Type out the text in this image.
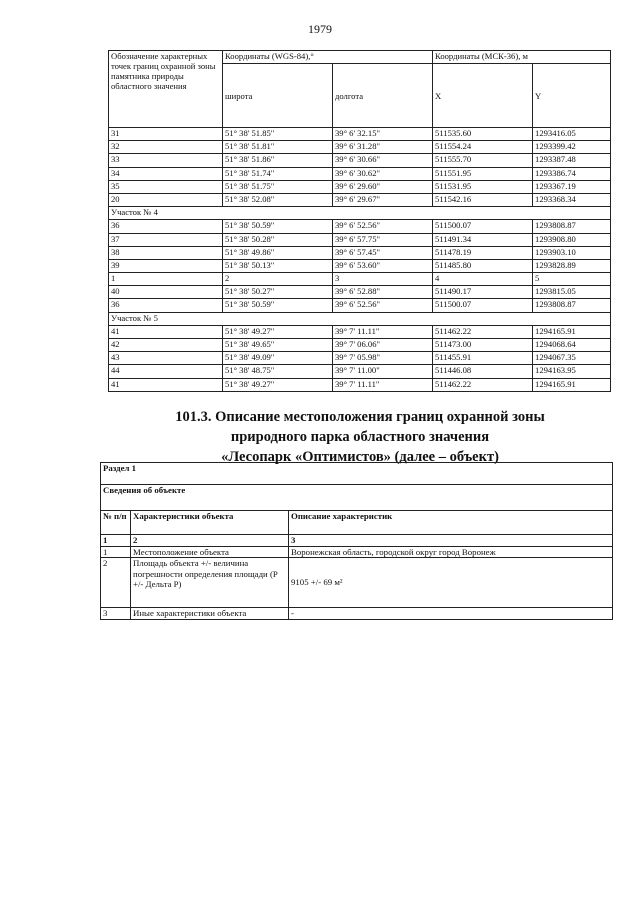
1979
Обозначение характерных точек границ охранной зоны памятника природы областного значения	Координаты (WGS-84),°		Координаты (МСК-36), м	
	широта	долгота	X	Y
31	51° 38' 51.85"	39° 6' 32.15"	511535.60	1293416.05
32	51° 38' 51.81"	39° 6' 31.28"	511554.24	1293399.42
33	51° 38' 51.86"	39° 6' 30.66"	511555.70	1293387.48
34	51° 38' 51.74"	39° 6' 30.62"	511551.95	1293386.74
35	51° 38' 51.75"	39° 6' 29.60"	511531.95	1293367.19
20	51° 38' 52.08"	39° 6' 29.67"	511542.16	1293368.34
Участок № 4				
36	51° 38' 50.59"	39° 6' 52.56"	511500.07	1293808.87
37	51° 38' 50.28"	39° 6' 57.75"	511491.34	1293908.80
38	51° 38' 49.86"	39° 6' 57.45"	511478.19	1293903.10
39	51° 38' 50.13"	39° 6' 53.60"	511485.80	1293828.89
1	2	3	4	5
40	51° 38' 50.27"	39° 6' 52.88"	511490.17	1293815.05
36	51° 38' 50.59"	39° 6' 52.56"	511500.07	1293808.87
Участок № 5				
41	51° 38' 49.27"	39° 7' 11.11"	511462.22	1294165.91
42	51° 38' 49.65"	39° 7' 06.06"	511473.00	1294068.64
43	51° 38' 49.09"	39° 7' 05.98"	511455.91	1294067.35
44	51° 38' 48.75"	39° 7' 11.00"	511446.08	1294163.95
41	51° 38' 49.27"	39° 7' 11.11"	511462.22	1294165.91
101.3. Описание местоположения границ охранной зоны
природного парка областного значения
«Лесопарк «Оптимистов» (далее – объект)
Раздел 1		
Сведения об объекте		
№ п/п	Характеристики объекта	Описание характеристик
1	2	3
1	Местоположение объекта	Воронежская область, городской округ город Воронеж
2	Площадь объекта +/- величина погрешности определения площади (Р +/- Дельта Р)	9105 +/- 69 м²
3	Иные характеристики объекта	-
